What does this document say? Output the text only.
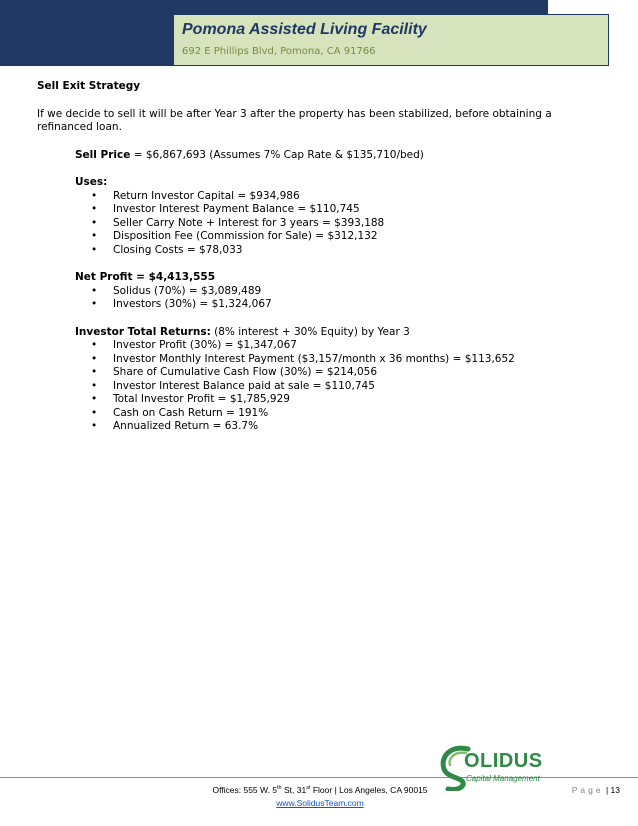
Pomona Assisted Living Facility
692 E Phillips Blvd, Pomona, CA 91766
Sell Exit Strategy
If we decide to sell it will be after Year 3 after the property has been stabilized, before obtaining a refinanced loan.
Sell Price = $6,867,693 (Assumes 7% Cap Rate & $135,710/bed)
Uses:
• Return Investor Capital = $934,986
• Investor Interest Payment Balance = $110,745
• Seller Carry Note + Interest for 3 years = $393,188
• Disposition Fee (Commission for Sale) = $312,132
• Closing Costs = $78,033
Net Profit = $4,413,555
• Solidus (70%) = $3,089,489
• Investors (30%) = $1,324,067
Investor Total Returns: (8% interest + 30% Equity) by Year 3
• Investor Profit (30%) = $1,347,067
• Investor Monthly Interest Payment ($3,157/month x 36 months) = $113,652
• Share of Cumulative Cash Flow (30%) = $214,056
• Investor Interest Balance paid at sale = $110,745
• Total Investor Profit = $1,785,929
• Cash on Cash Return = 191%
• Annualized Return = 63.7%
OLIDUS
Capital Management
Offices: 555 W. 5th St, 31st Floor | Los Angeles, CA 90015
www.SolidusTeam.com
Page | 13
